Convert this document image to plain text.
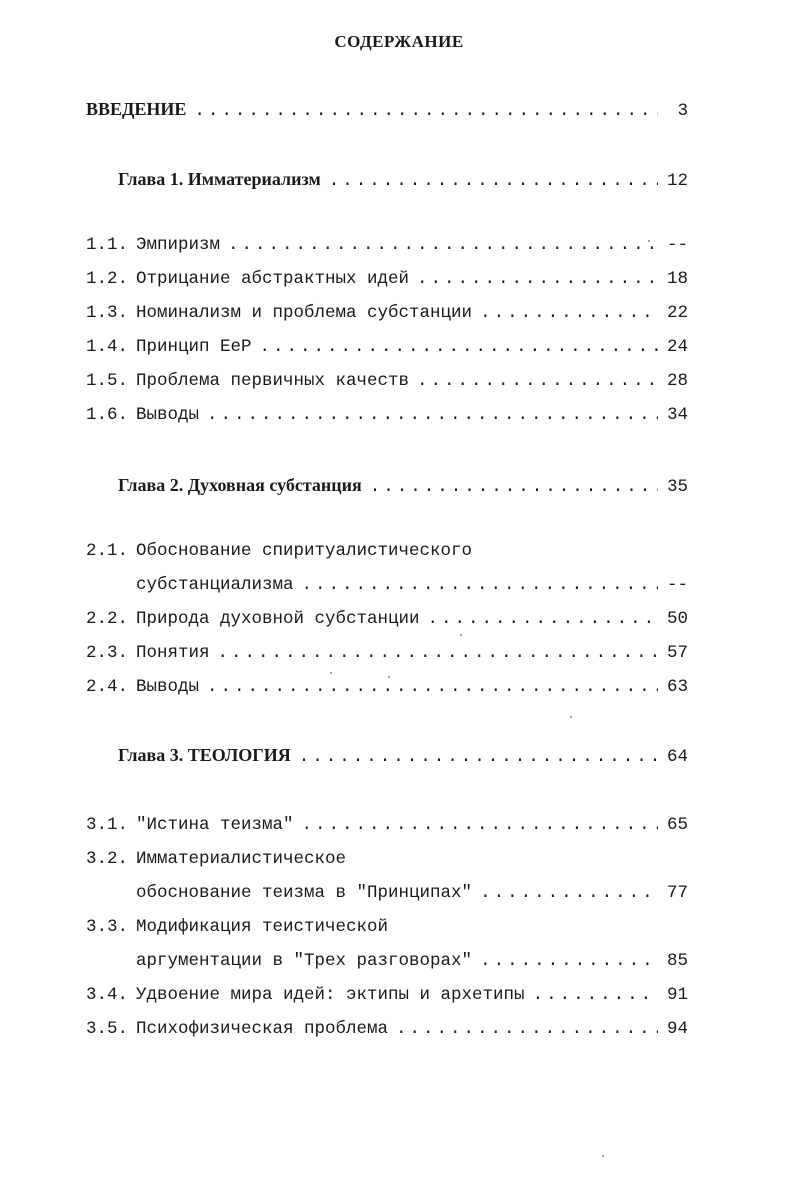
СОДЕРЖАНИЕ
ВВЕДЕНИЕ .....	3
Глава 1. Имматериализм .....	12
1.1. Эмпиризм .....	--
1.2. Отрицание абстрактных идей .....	18
1.3. Номинализм и проблема субстанции .....	22
1.4. Принцип ЕеР .....	24
1.5. Проблема первичных качеств .....	28
1.6. Выводы .....	34
Глава 2. Духовная субстанция .....	35
2.1. Обоснование спиритуалистического
субстанциализма .....	--
2.2. Природа духовной субстанции .....	50
2.3. Понятия .....	57
2.4. Выводы .....	63
Глава 3. ТЕОЛОГИЯ .....	64
3.1. "Истина теизма" .....	65
3.2. Имматериалистическое
обоснование теизма в "Принципах" .....	77
3.3. Модификация теистической
аргументации в "Трех разговорах" .....	85
3.4. Удвоение мира идей: эктипы и архетипы .....	91
3.5. Психофизическая проблема .....	94
